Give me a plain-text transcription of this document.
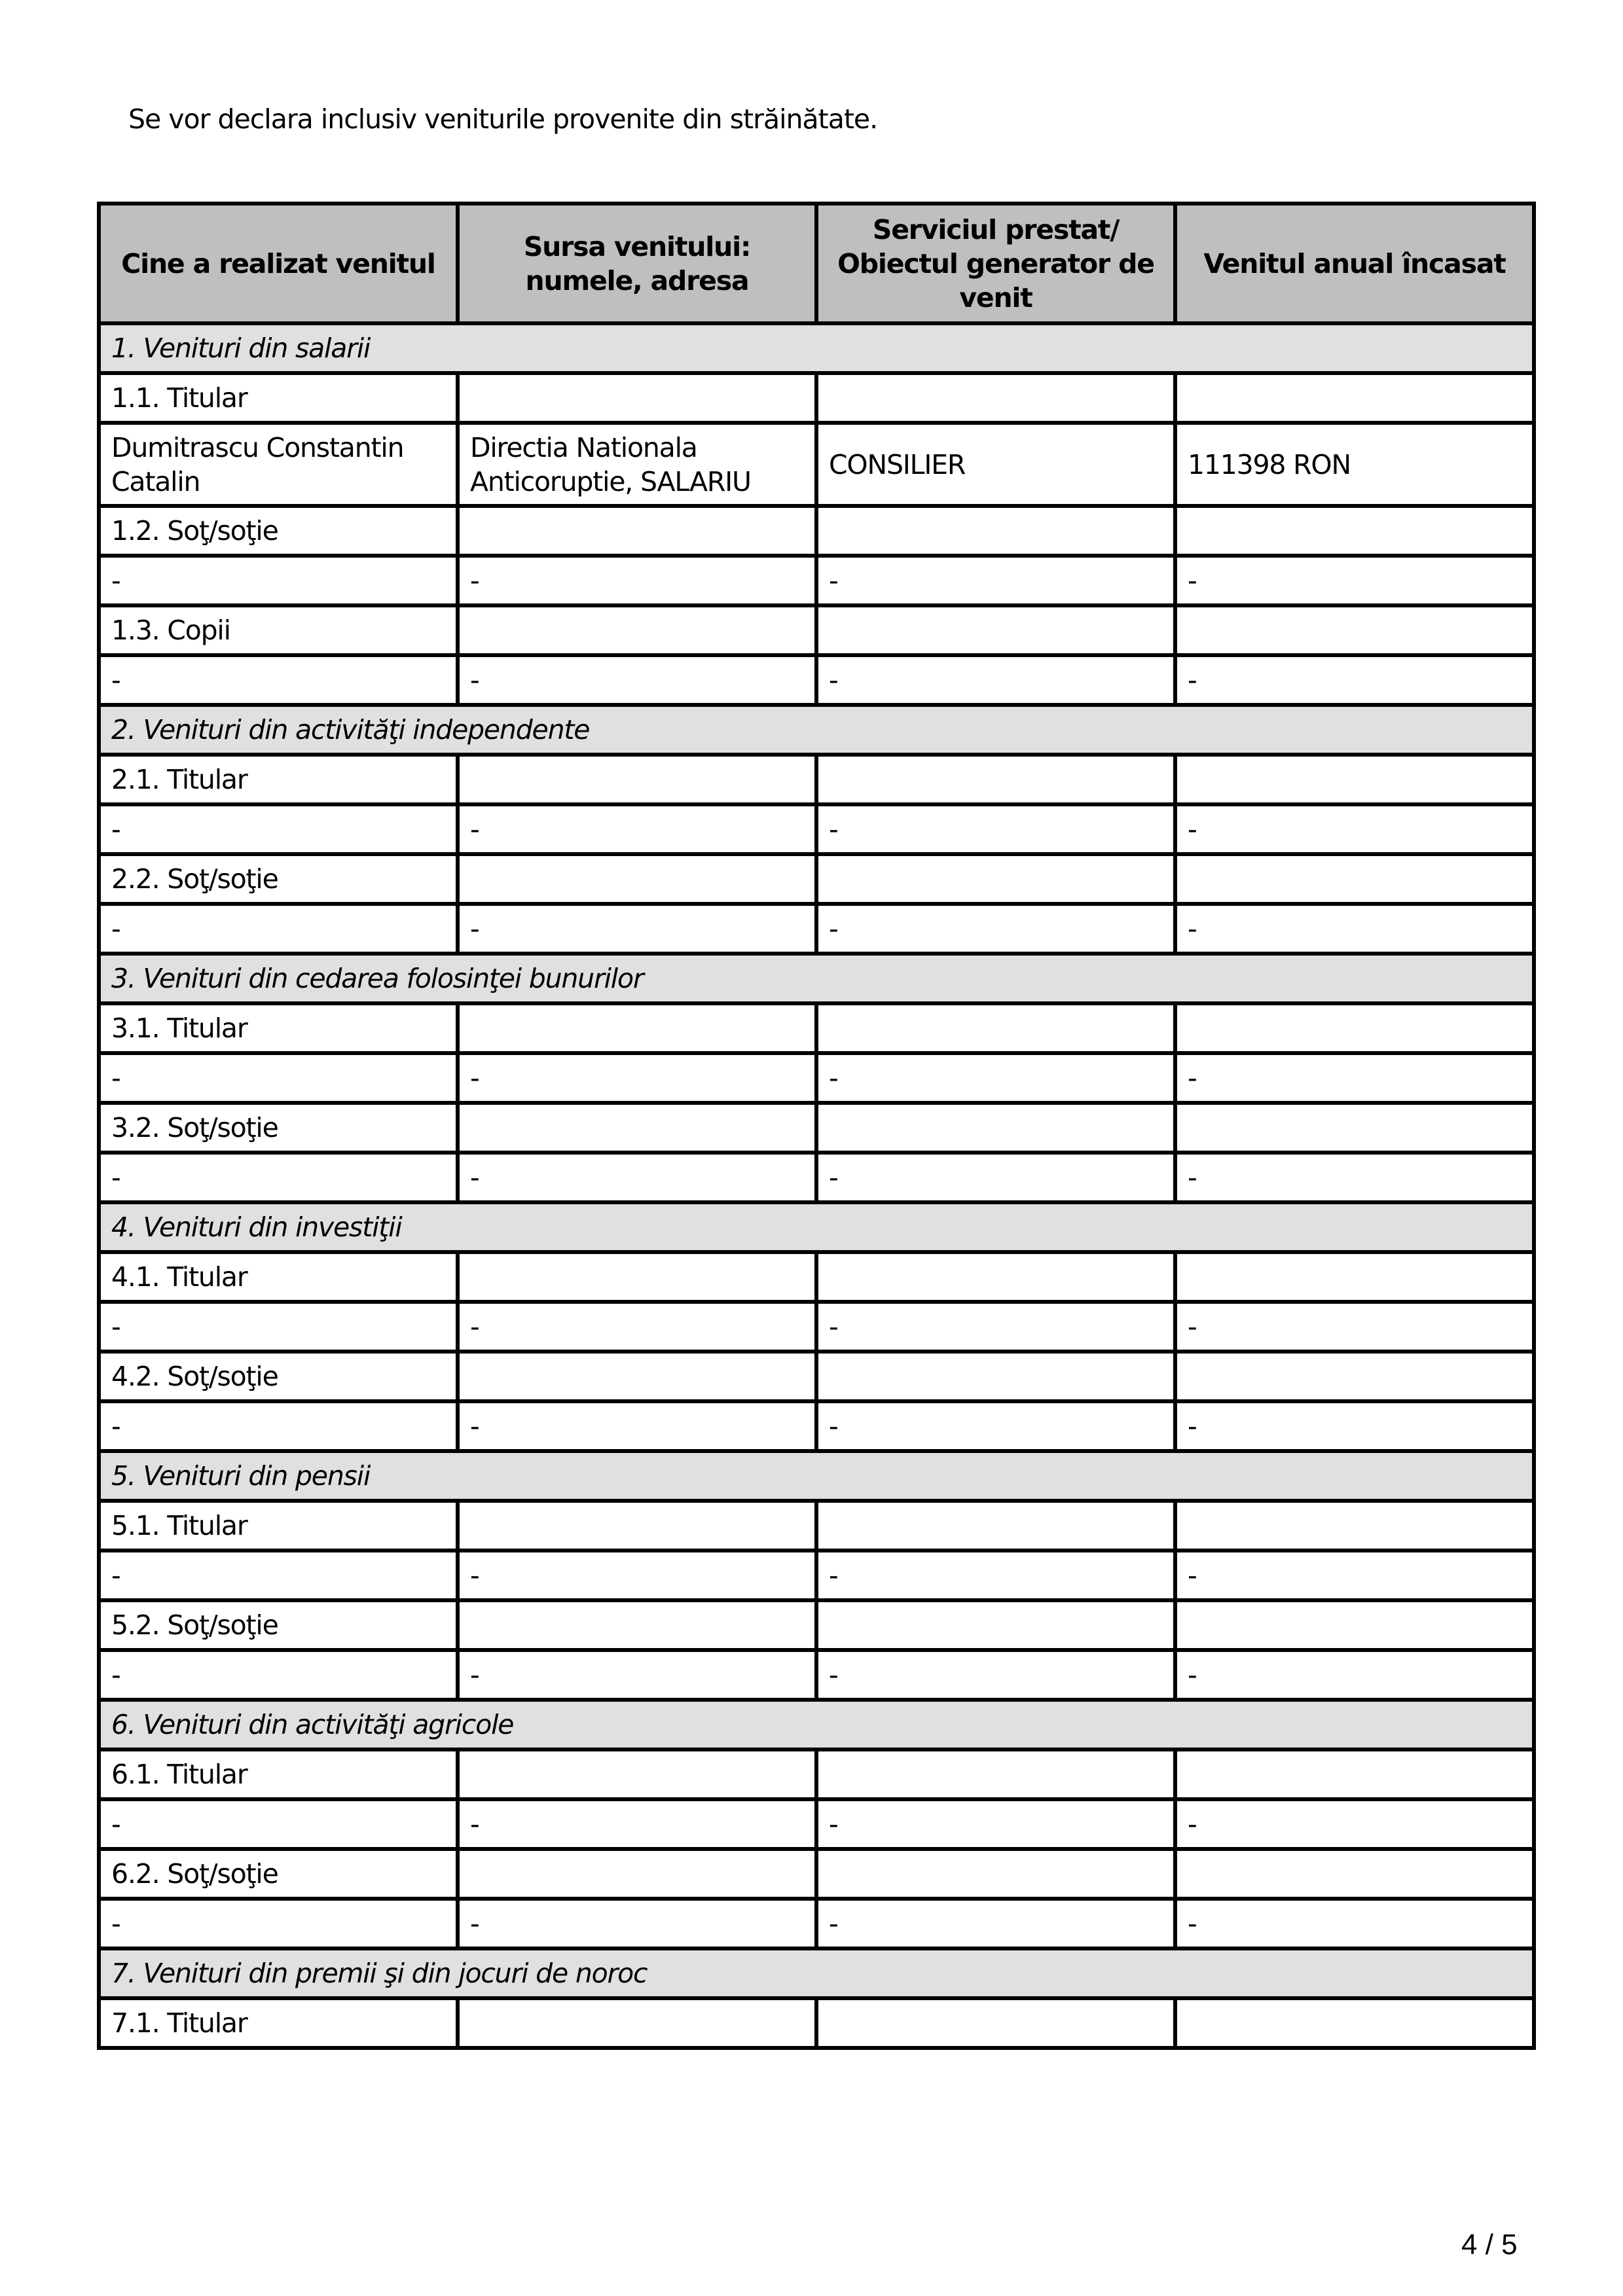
Se vor declara inclusiv veniturile provenite din străinătate.
Cine a realizat venitul	Sursa venitului: numele, adresa	Serviciul prestat/ Obiectul generator de venit	Venitul anual încasat
1. Venituri din salarii			
1.1. Titular			
Dumitrascu Constantin Catalin	Directia Nationala Anticoruptie, SALARIU	CONSILIER	111398 RON
1.2. Soţ/soţie			
-	-	-	-
1.3. Copii			
-	-	-	-
2. Venituri din activităţi independente			
2.1. Titular			
-	-	-	-
2.2. Soţ/soţie			
-	-	-	-
3. Venituri din cedarea folosinţei bunurilor			
3.1. Titular			
-	-	-	-
3.2. Soţ/soţie			
-	-	-	-
4. Venituri din investiţii			
4.1. Titular			
-	-	-	-
4.2. Soţ/soţie			
-	-	-	-
5. Venituri din pensii			
5.1. Titular			
-	-	-	-
5.2. Soţ/soţie			
-	-	-	-
6. Venituri din activităţi agricole			
6.1. Titular			
-	-	-	-
6.2. Soţ/soţie			
-	-	-	-
7. Venituri din premii şi din jocuri de noroc			
7.1. Titular			
4 / 5
